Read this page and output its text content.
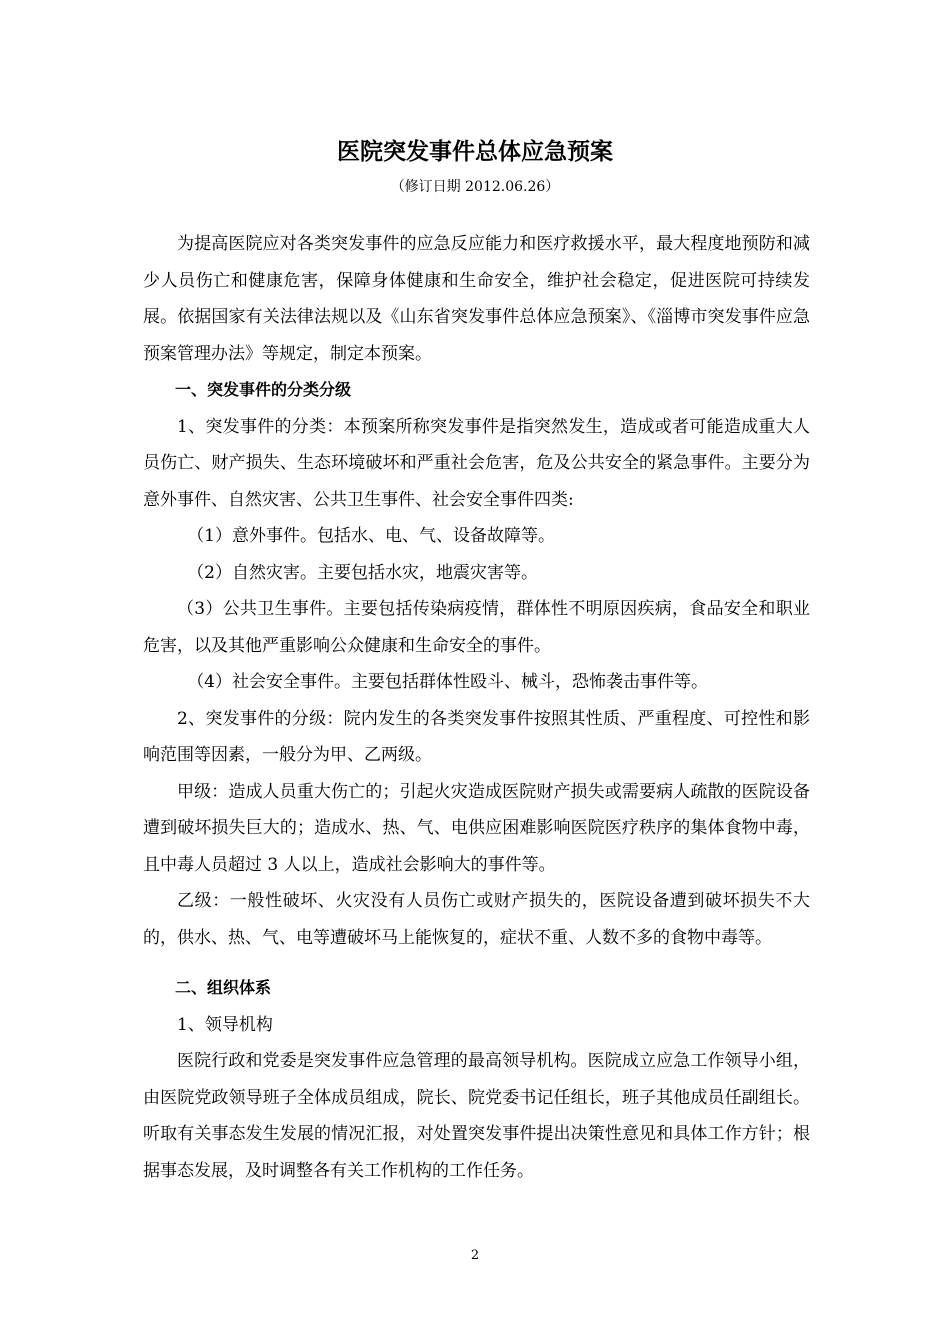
医院突发事件总体应急预案
（修订日期 2012.06.26）

为提高医院应对各类突发事件的应急反应能力和医疗救援水平，最大程度地预防和减少人员伤亡和健康危害，保障身体健康和生命安全，维护社会稳定，促进医院可持续发展。依据国家有关法律法规以及《山东省突发事件总体应急预案》、《淄博市突发事件应急预案管理办法》等规定，制定本预案。

一、突发事件的分类分级

1、突发事件的分类：本预案所称突发事件是指突然发生，造成或者可能造成重大人员伤亡、财产损失、生态环境破坏和严重社会危害，危及公共安全的紧急事件。主要分为意外事件、自然灾害、公共卫生事件、社会安全事件四类:

（1）意外事件。包括水、电、气、设备故障等。

（2）自然灾害。主要包括水灾，地震灾害等。

（3）公共卫生事件。主要包括传染病疫情，群体性不明原因疾病，食品安全和职业危害，以及其他严重影响公众健康和生命安全的事件。

（4）社会安全事件。主要包括群体性殴斗、械斗，恐怖袭击事件等。

2、突发事件的分级：院内发生的各类突发事件按照其性质、严重程度、可控性和影响范围等因素，一般分为甲、乙两级。

甲级：造成人员重大伤亡的；引起火灾造成医院财产损失或需要病人疏散的医院设备遭到破坏损失巨大的；造成水、热、气、电供应困难影响医院医疗秩序的集体食物中毒，且中毒人员超过 3 人以上，造成社会影响大的事件等。

乙级：一般性破坏、火灾没有人员伤亡或财产损失的，医院设备遭到破坏损失不大的，供水、热、气、电等遭破坏马上能恢复的，症状不重、人数不多的食物中毒等。

二、组织体系

1、领导机构

医院行政和党委是突发事件应急管理的最高领导机构。医院成立应急工作领导小组，由医院党政领导班子全体成员组成，院长、院党委书记任组长，班子其他成员任副组长。听取有关事态发生发展的情况汇报，对处置突发事件提出决策性意见和具体工作方针；根据事态发展，及时调整各有关工作机构的工作任务。

2
